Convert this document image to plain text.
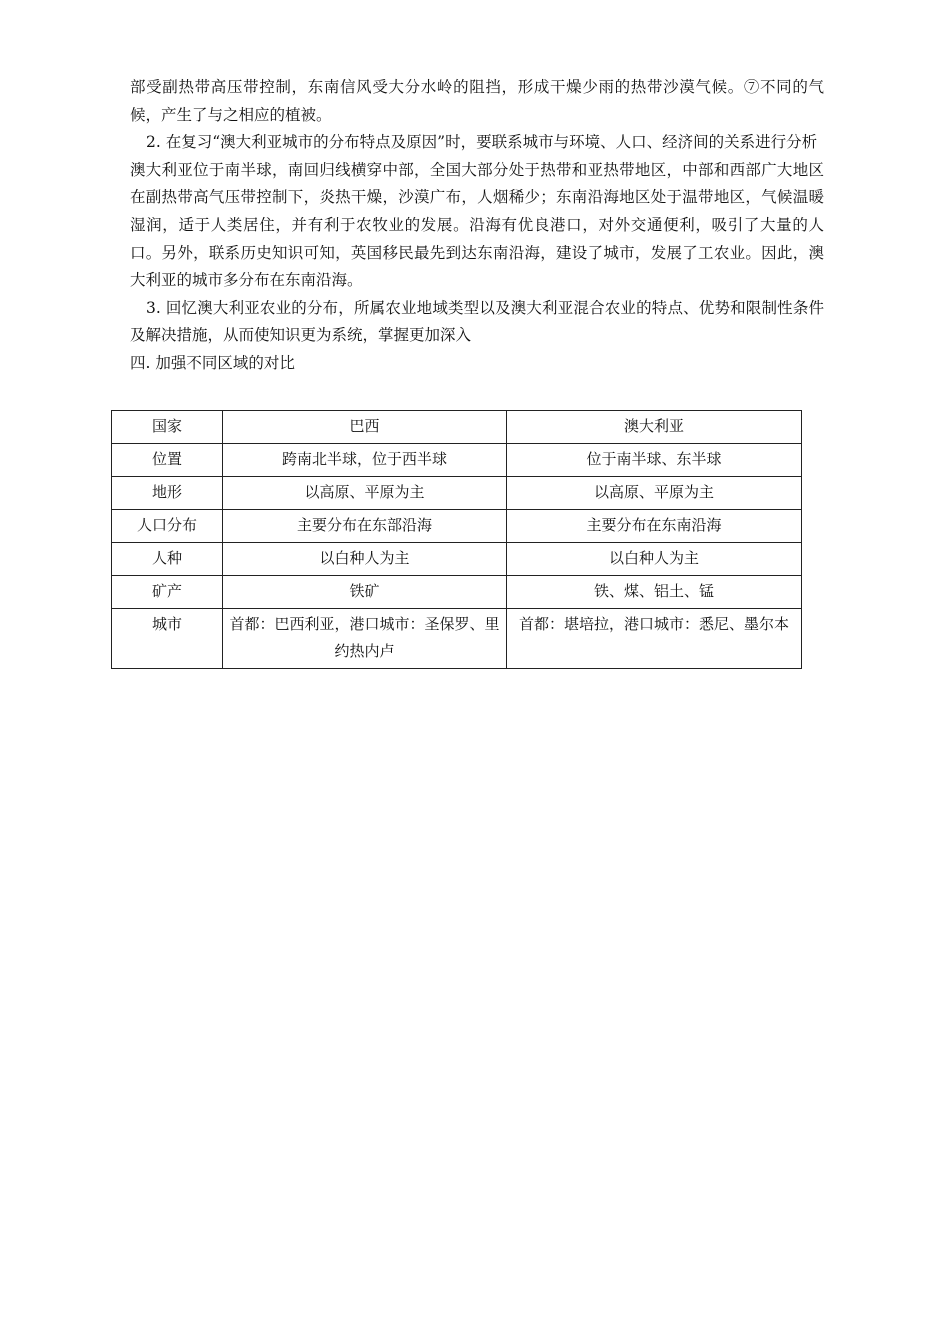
部受副热带高压带控制，东南信风受大分水岭的阻挡，形成干燥少雨的热带沙漠气候。⑦不同的气候，产生了与之相应的植被。

2. 在复习“澳大利亚城市的分布特点及原因”时，要联系城市与环境、人口、经济间的关系进行分析

澳大利亚位于南半球，南回归线横穿中部，全国大部分处于热带和亚热带地区，中部和西部广大地区在副热带高气压带控制下，炎热干燥，沙漠广布，人烟稀少；东南沿海地区处于温带地区，气候温暖湿润，适于人类居住，并有利于农牧业的发展。沿海有优良港口，对外交通便利，吸引了大量的人口。另外，联系历史知识可知，英国移民最先到达东南沿海，建设了城市，发展了工农业。因此，澳大利亚的城市多分布在东南沿海。

3. 回忆澳大利亚农业的分布，所属农业地域类型以及澳大利亚混合农业的特点、优势和限制性条件及解决措施，从而使知识更为系统，掌握更加深入

四. 加强不同区域的对比

国家	巴西	澳大利亚
位置	跨南北半球，位于西半球	位于南半球、东半球
地形	以高原、平原为主	以高原、平原为主
人口分布	主要分布在东部沿海	主要分布在东南沿海
人种	以白种人为主	以白种人为主
矿产	铁矿	铁、煤、铝土、锰
城市	首都：巴西利亚，港口城市：圣保罗、里约热内卢	首都：堪培拉，港口城市：悉尼、墨尔本
